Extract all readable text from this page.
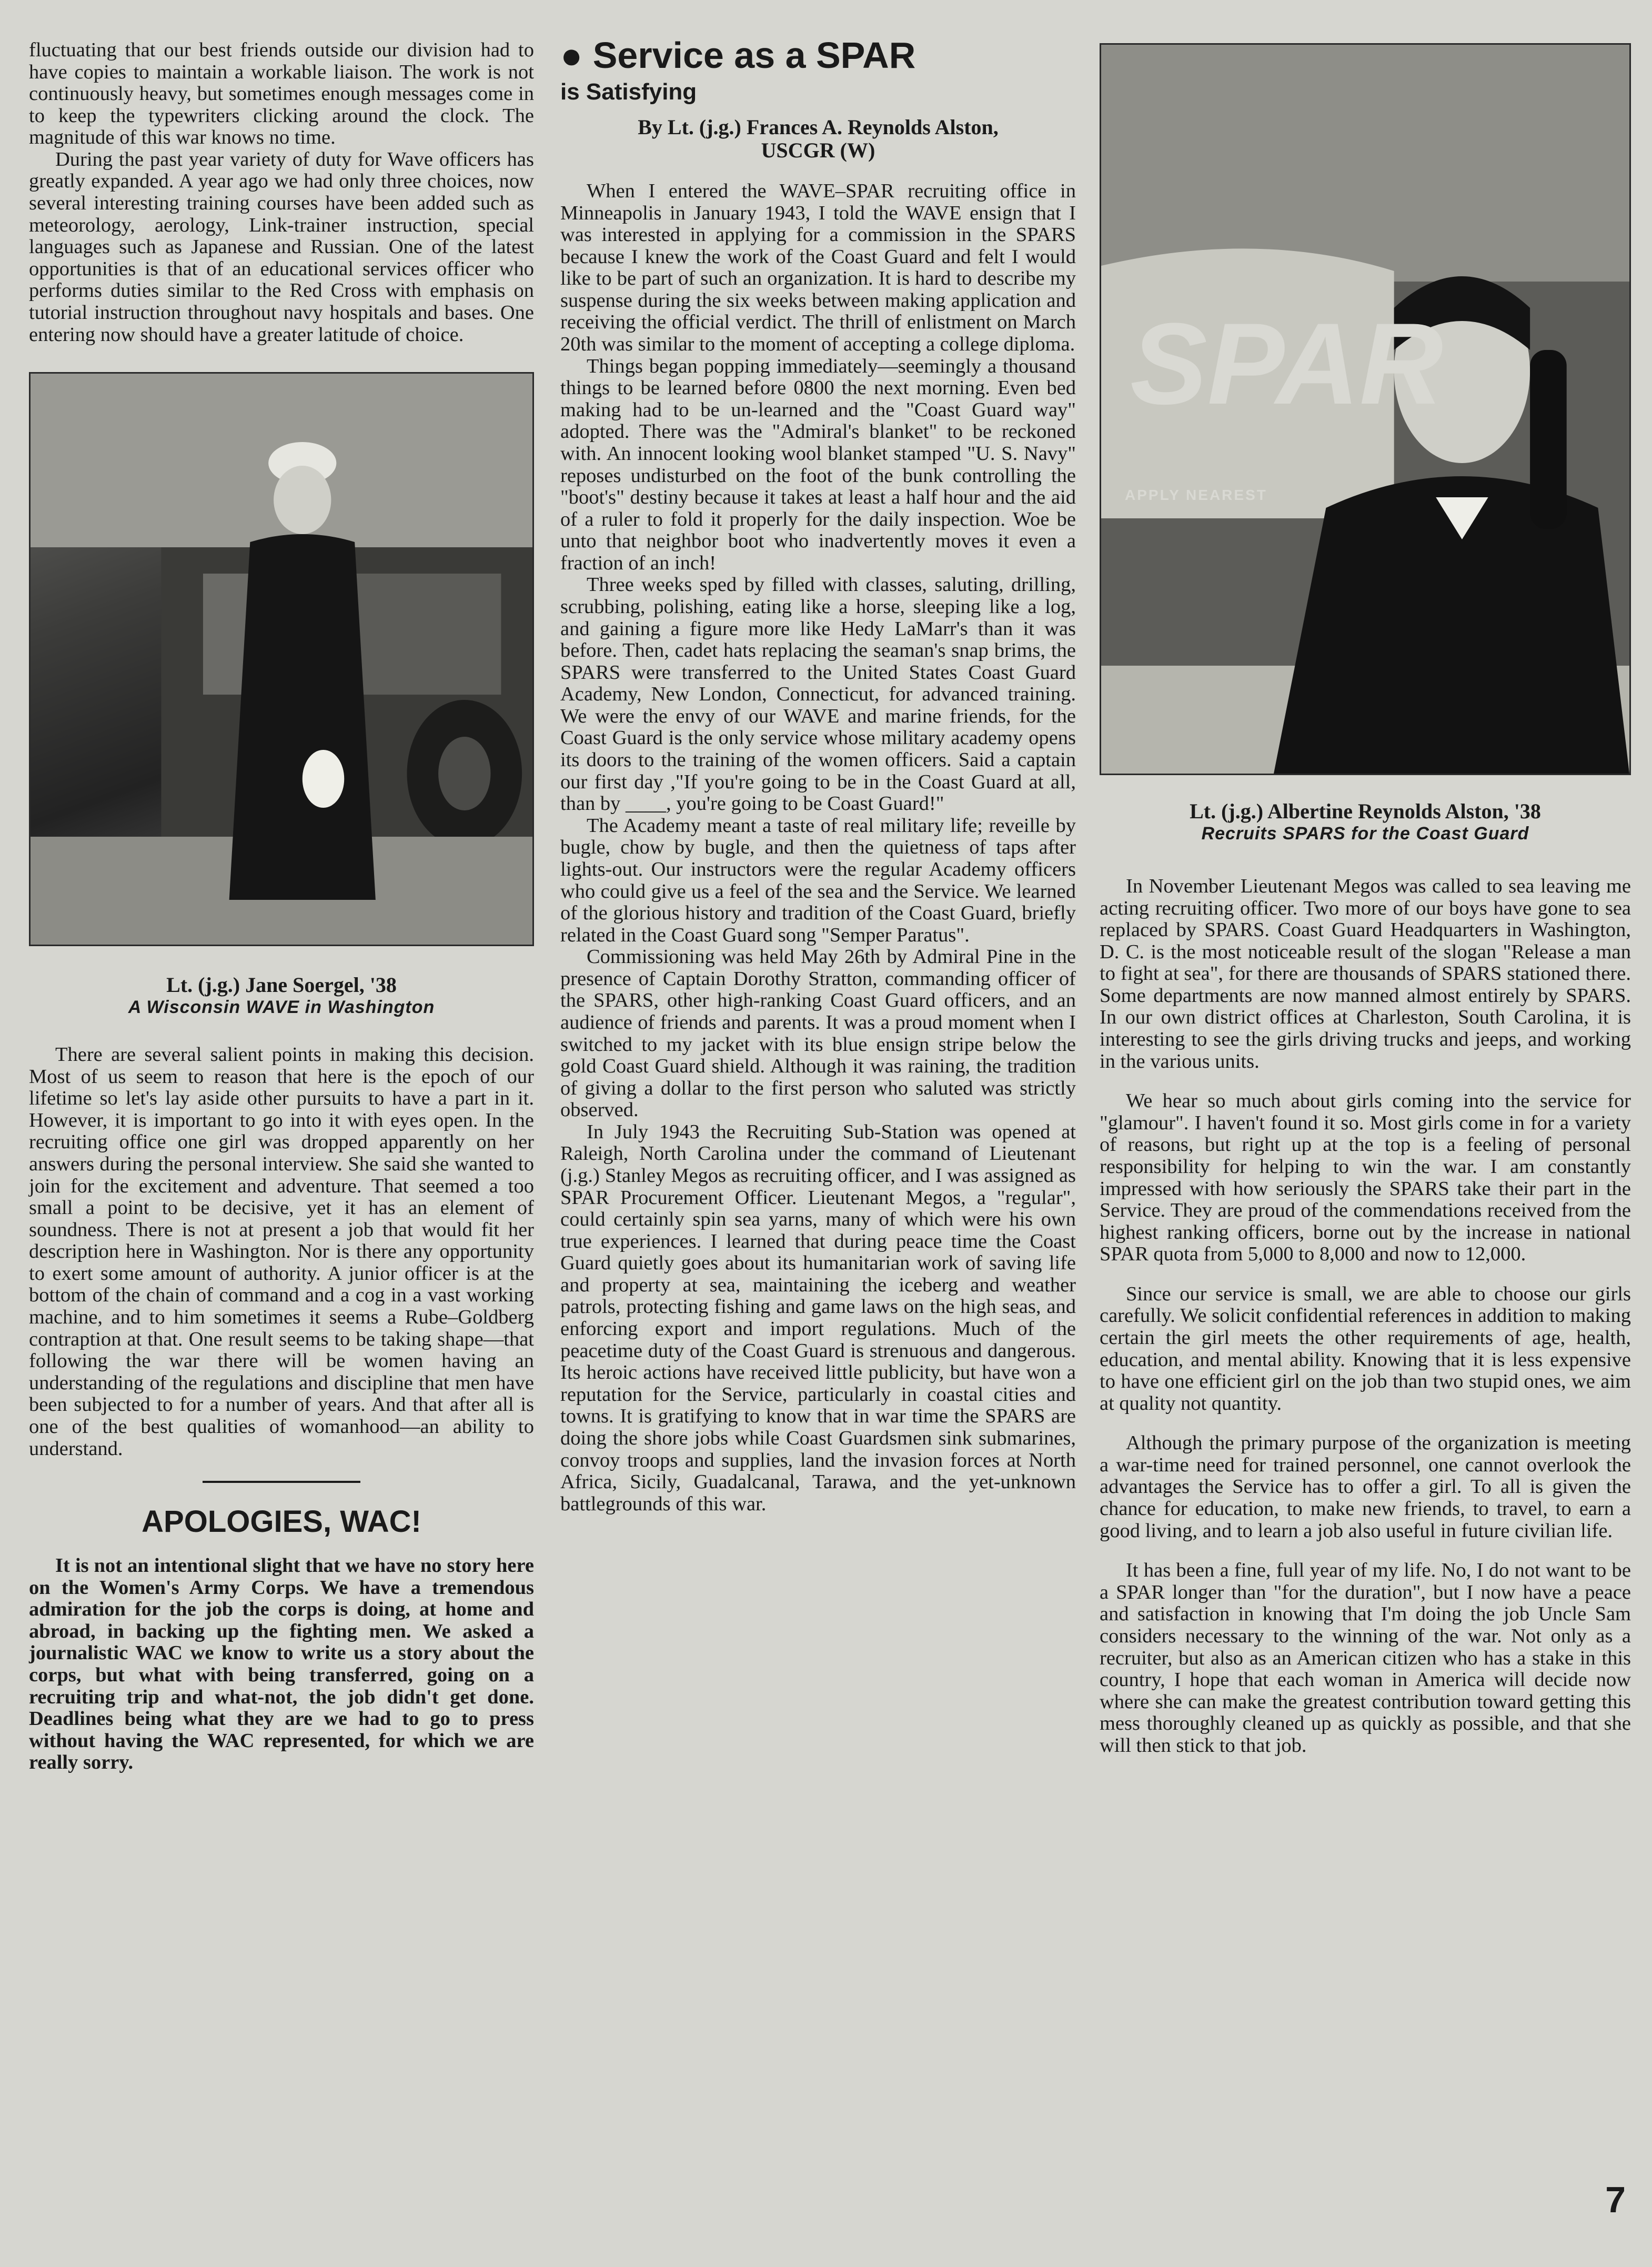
fluctuating that our best friends outside our division had to have copies to maintain a workable liaison. The work is not continuously heavy, but sometimes enough messages come in to keep the typewriters clicking around the clock. The magnitude of this war knows no time.

During the past year variety of duty for Wave officers has greatly expanded. A year ago we had only three choices, now several interesting training courses have been added such as meteorology, aerology, Link-trainer instruction, special languages such as Japanese and Russian. One of the latest opportunities is that of an educational services officer who performs duties similar to the Red Cross with emphasis on tutorial instruction throughout navy hospitals and bases. One entering now should have a greater latitude of choice.

Lt. (j.g.) Jane Soergel, '38
A Wisconsin WAVE in Washington

There are several salient points in making this decision. Most of us seem to reason that here is the epoch of our lifetime so let's lay aside other pursuits to have a part in it. However, it is important to go into it with eyes open. In the recruiting office one girl was dropped apparently on her answers during the personal interview. She said she wanted to join for the excitement and adventure. That seemed a too small a point to be decisive, yet it has an element of soundness. There is not at present a job that would fit her description here in Washington. Nor is there any opportunity to exert some amount of authority. A junior officer is at the bottom of the chain of command and a cog in a vast working machine, and to him sometimes it seems a Rube–Goldberg contraption at that. One result seems to be taking shape—that following the war there will be women having an understanding of the regulations and discipline that men have been subjected to for a number of years. And that after all is one of the best qualities of womanhood—an ability to understand.

APOLOGIES, WAC!

It is not an intentional slight that we have no story here on the Women's Army Corps. We have a tremendous admiration for the job the corps is doing, at home and abroad, in backing up the fighting men. We asked a journalistic WAC we know to write us a story about the corps, but what with being transferred, going on a recruiting trip and what-not, the job didn't get done. Deadlines being what they are we had to go to press without having the WAC represented, for which we are really sorry.

● Service as a SPAR

is Satisfying

By Lt. (j.g.) Frances A. Reynolds Alston,

USCGR (W)

When I entered the WAVE–SPAR recruiting office in Minneapolis in January 1943, I told the WAVE ensign that I was interested in applying for a commission in the SPARS because I knew the work of the Coast Guard and felt I would like to be part of such an organization. It is hard to describe my suspense during the six weeks between making application and receiving the official verdict. The thrill of enlistment on March 20th was similar to the moment of accepting a college diploma.

Things began popping immediately—seemingly a thousand things to be learned before 0800 the next morning. Even bed making had to be un-learned and the "Coast Guard way" adopted. There was the "Admiral's blanket" to be reckoned with. An innocent looking wool blanket stamped "U. S. Navy" reposes undisturbed on the foot of the bunk controlling the "boot's" destiny because it takes at least a half hour and the aid of a ruler to fold it properly for the daily inspection. Woe be unto that neighbor boot who inadvertently moves it even a fraction of an inch!

Three weeks sped by filled with classes, saluting, drilling, scrubbing, polishing, eating like a horse, sleeping like a log, and gaining a figure more like Hedy LaMarr's than it was before. Then, cadet hats replacing the seaman's snap brims, the SPARS were transferred to the United States Coast Guard Academy, New London, Connecticut, for advanced training. We were the envy of our WAVE and marine friends, for the Coast Guard is the only service whose military academy opens its doors to the training of the women officers. Said a captain our first day ,"If you're going to be in the Coast Guard at all, than by ____, you're going to be Coast Guard!"

The Academy meant a taste of real military life; reveille by bugle, chow by bugle, and then the quietness of taps after lights-out. Our instructors were the regular Academy officers who could give us a feel of the sea and the Service. We learned of the glorious history and tradition of the Coast Guard, briefly related in the Coast Guard song "Semper Paratus".

Commissioning was held May 26th by Admiral Pine in the presence of Captain Dorothy Stratton, commanding officer of the SPARS, other high-ranking Coast Guard officers, and an audience of friends and parents. It was a proud moment when I switched to my jacket with its blue ensign stripe below the gold Coast Guard shield. Although it was raining, the tradition of giving a dollar to the first person who saluted was strictly observed.

In July 1943 the Recruiting Sub-Station was opened at Raleigh, North Carolina under the command of Lieutenant (j.g.) Stanley Megos as recruiting officer, and I was assigned as SPAR Procurement Officer. Lieutenant Megos, a "regular", could certainly spin sea yarns, many of which were his own true experiences. I learned that during peace time the Coast Guard quietly goes about its humanitarian work of saving life and property at sea, maintaining the iceberg and weather patrols, protecting fishing and game laws on the high seas, and enforcing export and import regulations. Much of the peacetime duty of the Coast Guard is strenuous and dangerous. Its heroic actions have received little publicity, but have won a reputation for the Service, particularly in coastal cities and towns. It is gratifying to know that in war time the SPARS are doing the shore jobs while Coast Guardsmen sink submarines, convoy troops and supplies, land the invasion forces at North Africa, Sicily, Guadalcanal, Tarawa, and the yet-unknown battlegrounds of this war.

SPAR
APPLY NEAREST

Lt. (j.g.) Albertine Reynolds Alston, '38
Recruits SPARS for the Coast Guard

In November Lieutenant Megos was called to sea leaving me acting recruiting officer. Two more of our boys have gone to sea replaced by SPARS. Coast Guard Headquarters in Washington, D. C. is the most noticeable result of the slogan "Release a man to fight at sea", for there are thousands of SPARS stationed there. Some departments are now manned almost entirely by SPARS. In our own district offices at Charleston, South Carolina, it is interesting to see the girls driving trucks and jeeps, and working in the various units.

We hear so much about girls coming into the service for "glamour". I haven't found it so. Most girls come in for a variety of reasons, but right up at the top is a feeling of personal responsibility for helping to win the war. I am constantly impressed with how seriously the SPARS take their part in the Service. They are proud of the commendations received from the highest ranking officers, borne out by the increase in national SPAR quota from 5,000 to 8,000 and now to 12,000.

Since our service is small, we are able to choose our girls carefully. We solicit confidential references in addition to making certain the girl meets the other requirements of age, health, education, and mental ability. Knowing that it is less expensive to have one efficient girl on the job than two stupid ones, we aim at quality not quantity.

Although the primary purpose of the organization is meeting a war-time need for trained personnel, one cannot overlook the advantages the Service has to offer a girl. To all is given the chance for education, to make new friends, to travel, to earn a good living, and to learn a job also useful in future civilian life.

It has been a fine, full year of my life. No, I do not want to be a SPAR longer than "for the duration", but I now have a peace and satisfaction in knowing that I'm doing the job Uncle Sam considers necessary to the winning of the war. Not only as a recruiter, but also as an American citizen who has a stake in this country, I hope that each woman in America will decide now where she can make the greatest contribution toward getting this mess thoroughly cleaned up as quickly as possible, and that she will then stick to that job.

7
